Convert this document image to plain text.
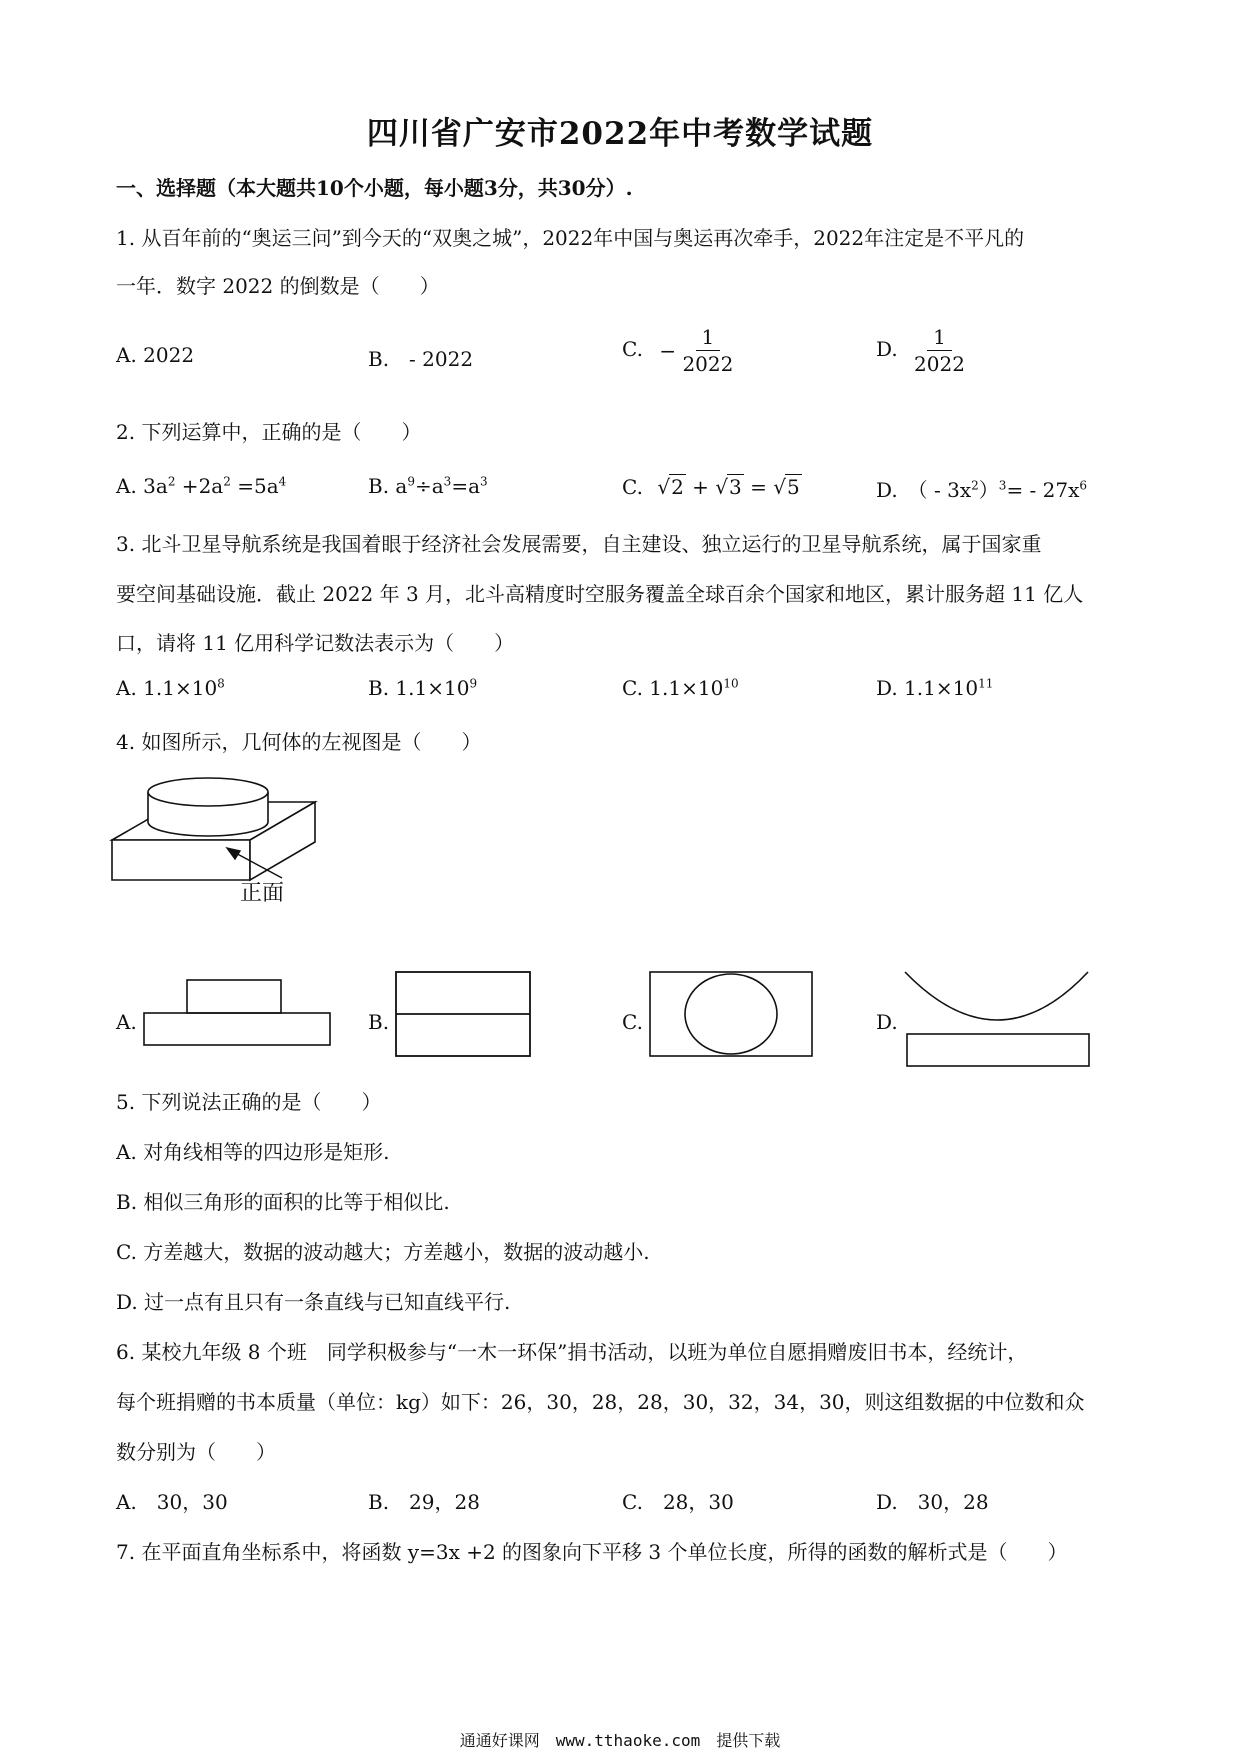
四川省广安市2022年中考数学试题
一、选择题（本大题共10个小题，每小题3分，共30分）.
1. 从百年前的“奥运三问”到今天的“双奥之城”，2022年中国与奥运再次牵手，2022年注定是不平凡的
一年．数字 2022 的倒数是（　　）
A. 2022	B.　- 2022	C. − $\frac{1}{2022}$	D. $\frac{1}{2022}$
2. 下列运算中，正确的是（　　）
A. $3a^2 +2a^2 =5a^4$	B. $a^9\div a^3=a^3$	C. √2 + √3 = √5	D.　（ - $3x^2)^3= - 27x^6$
3. 北斗卫星导航系统是我国着眼于经济社会发展需要，自主建设、独立运行的卫星导航系统，属于国家重
要空间基础设施．截止 2022 年 3 月，北斗高精度时空服务覆盖全球百余个国家和地区，累计服务超 11 亿人
口，请将 11 亿用科学记数法表示为（　　）
A. $1.1\times 10^8$	B. $1.1\times 10^9$	C. $1.1\times 10^{10}$	D. $1.1\times 10^{11}$
4. 如图所示，几何体的左视图是（　　）
正面
A.	B.	C.	D.
5. 下列说法正确的是（　　）
A. 对角线相等的四边形是矩形.
B. 相似三角形的面积的比等于相似比.
C. 方差越大，数据的波动越大；方差越小，数据的波动越小.
D. 过一点有且只有一条直线与已知直线平行.
6. 某校九年级 8 个班　同学积极参与“一木一环保”捐书活动，以班为单位自愿捐赠废旧书本，经统计，
每个班捐赠的书本质量（单位：kg）如下：26，30，28，28，30，32，34，30，则这组数据的中位数和众
数分别为（　　）
A.　30，30	B.　29，28	C.　28，30	D.　30，28
7. 在平面直角坐标系中，将函数 y=3x +2 的图象向下平移 3 个单位长度，所得的函数的解析式是（　　）
通通好课网　www.tthaoke.com　提供下载
